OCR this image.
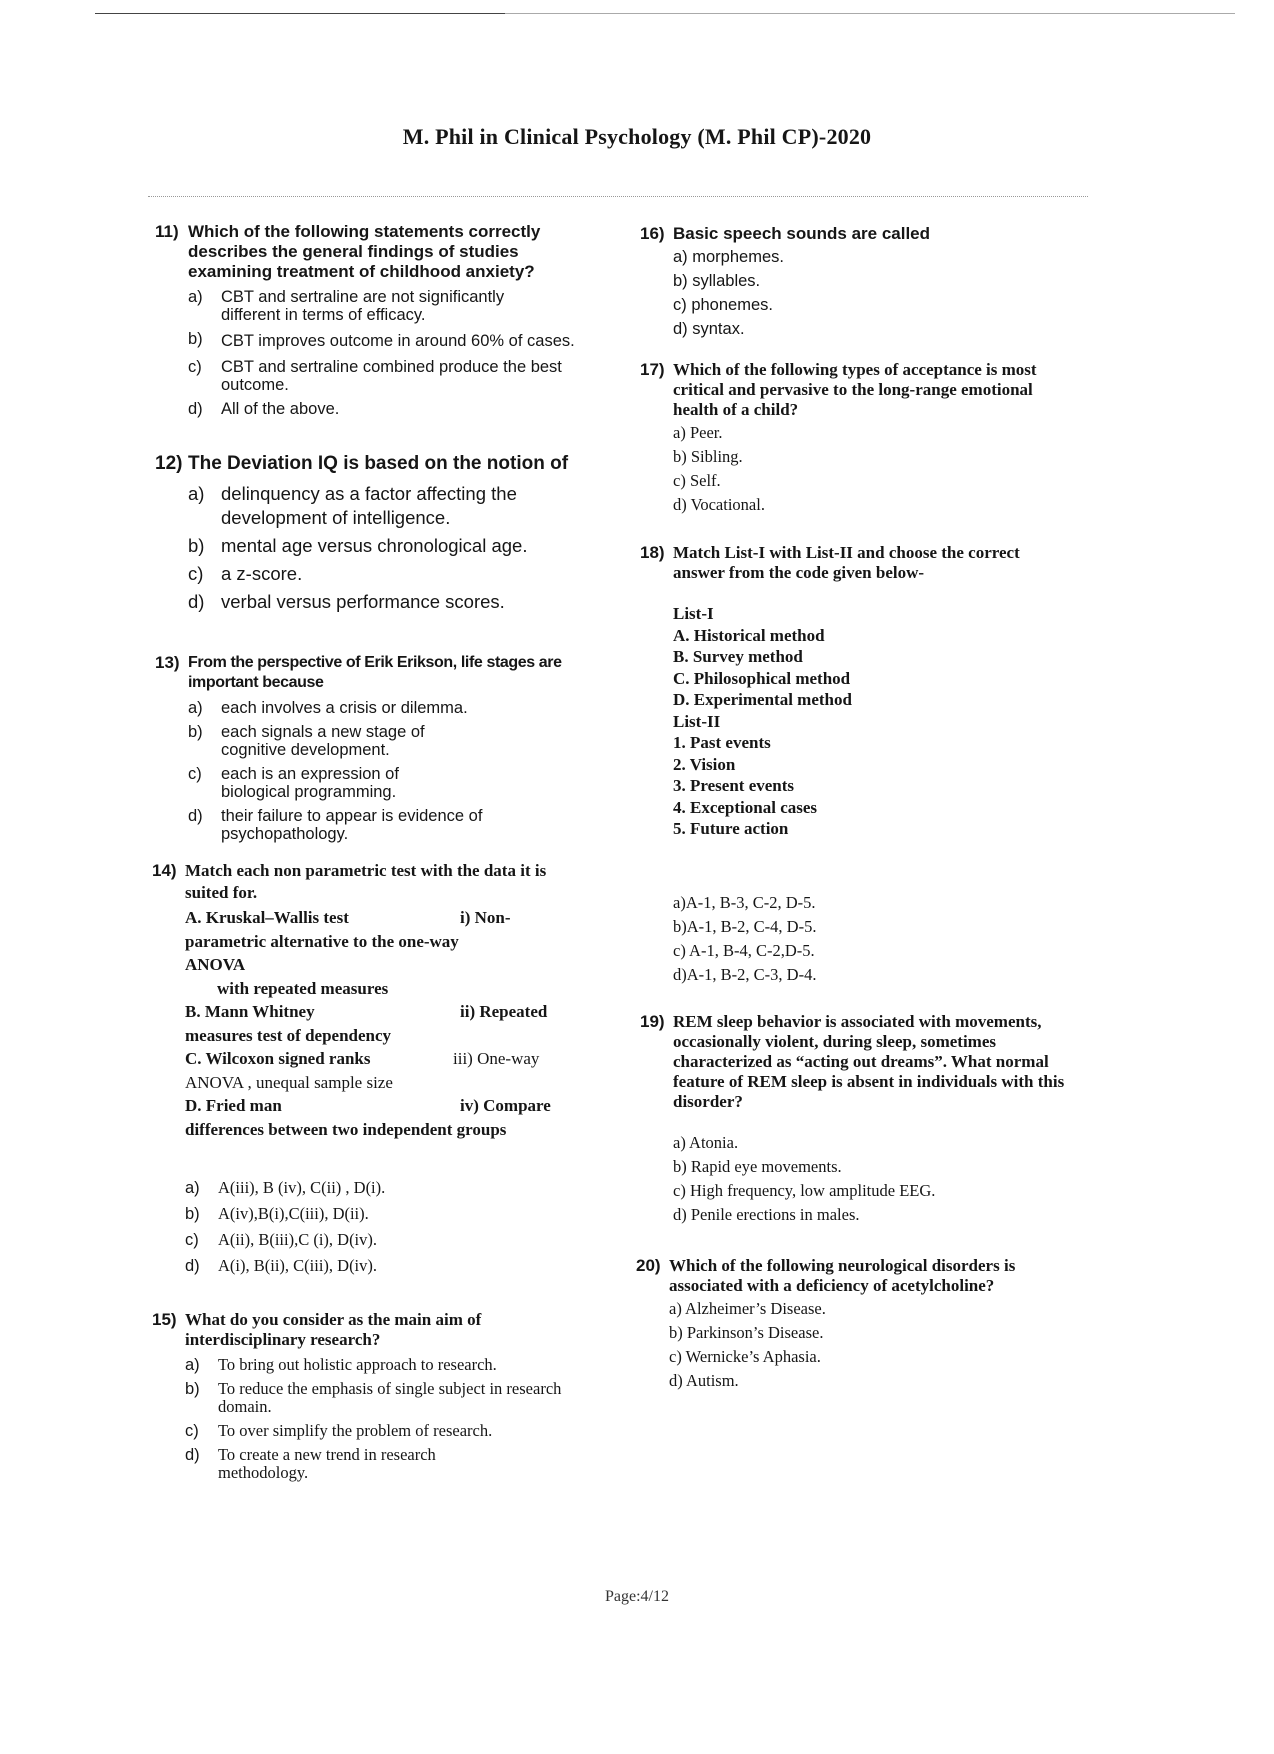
M. Phil in Clinical Psychology (M. Phil CP)-2020
11) Which of the following statements correctly describes the general findings of studies examining treatment of childhood anxiety?
a) CBT and sertraline are not significantly different in terms of efficacy.
b) CBT improves outcome in around 60% of cases.
c) CBT and sertraline combined produce the best outcome.
d) All of the above.
12) The Deviation IQ is based on the notion of
a) delinquency as a factor affecting the development of intelligence.
b) mental age versus chronological age.
c) a z-score.
d) verbal versus performance scores.
13) From the perspective of Erik Erikson, life stages are important because
a) each involves a crisis or dilemma.
b) each signals a new stage of cognitive development.
c) each is an expression of biological programming.
d) their failure to appear is evidence of psychopathology.
14) Match each non parametric test with the data it is suited for.
A. Kruskal–Wallis test	i) Non-
parametric alternative to the one-way
ANOVA
with repeated measures
B. Mann Whitney	ii) Repeated
measures test of dependency
C. Wilcoxon signed ranks	iii) One-way
ANOVA , unequal sample size
D. Fried man	iv) Compare
differences between two independent groups
a) A(iii), B (iv), C(ii) , D(i).
b) A(iv),B(i),C(iii), D(ii).
c) A(ii), B(iii),C (i), D(iv).
d) A(i), B(ii), C(iii), D(iv).
15) What do you consider as the main aim of interdisciplinary research?
a) To bring out holistic approach to research.
b) To reduce the emphasis of single subject in research domain.
c) To over simplify the problem of research.
d) To create a new trend in research methodology.
16) Basic speech sounds are called
a) morphemes.
b) syllables.
c) phonemes.
d) syntax.
17) Which of the following types of acceptance is most critical and pervasive to the long-range emotional health of a child?
a) Peer.
b) Sibling.
c) Self.
d) Vocational.
18) Match List-I with List-II and choose the correct answer from the code given below-
List-I
A. Historical method
B. Survey method
C. Philosophical method
D. Experimental method
List-II
1. Past events
2. Vision
3. Present events
4. Exceptional cases
5. Future action
a)A-1, B-3, C-2, D-5.
b)A-1, B-2, C-4, D-5.
c) A-1, B-4, C-2,D-5.
d)A-1, B-2, C-3, D-4.
19) REM sleep behavior is associated with movements, occasionally violent, during sleep, sometimes characterized as “acting out dreams”. What normal feature of REM sleep is absent in individuals with this disorder?
a) Atonia.
b) Rapid eye movements.
c) High frequency, low amplitude EEG.
d) Penile erections in males.
20) Which of the following neurological disorders is associated with a deficiency of acetylcholine?
a) Alzheimer’s Disease.
b) Parkinson’s Disease.
c) Wernicke’s Aphasia.
d) Autism.
Page:4/12
